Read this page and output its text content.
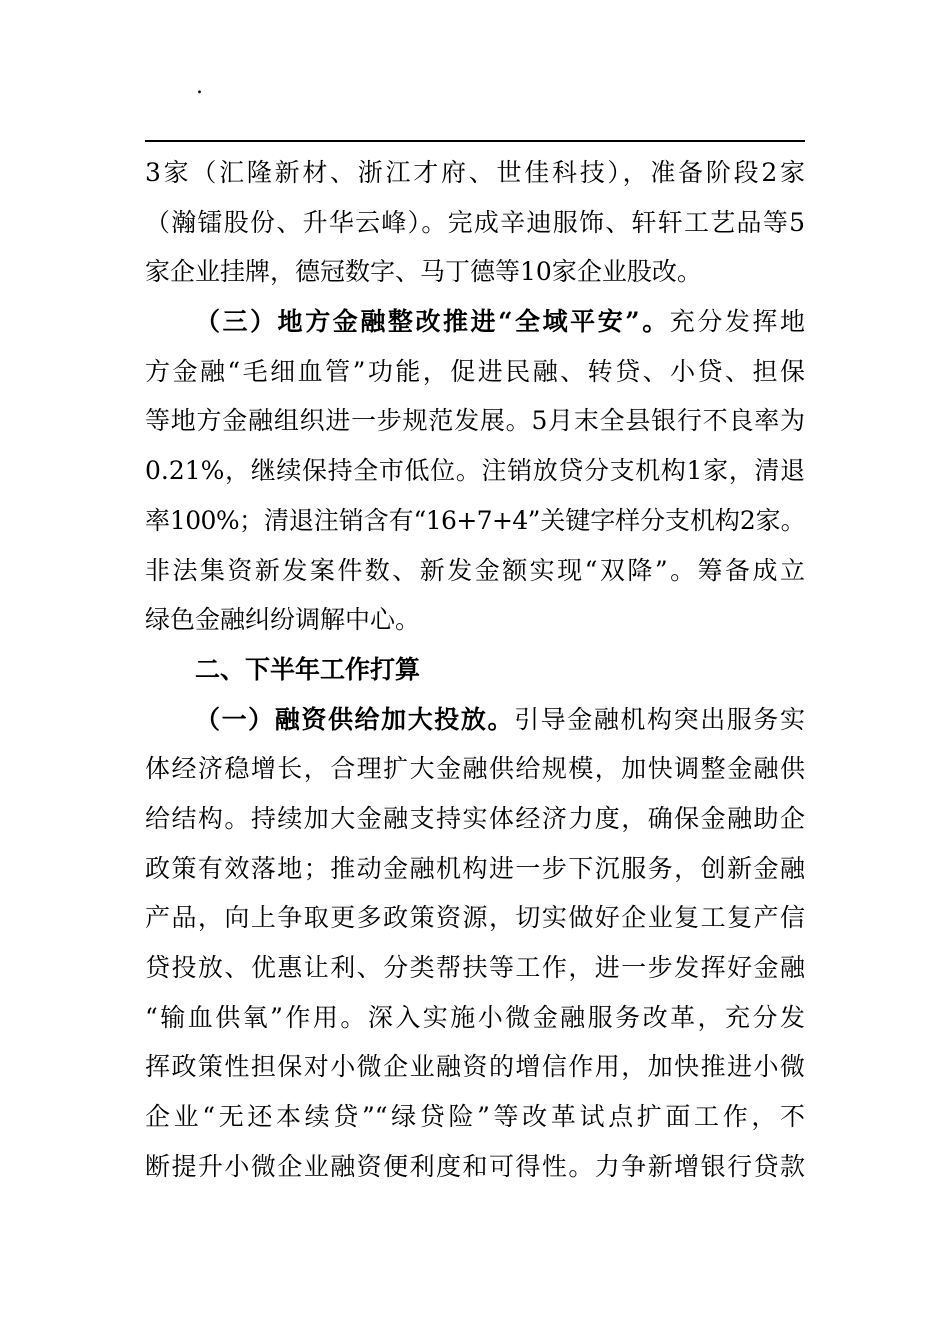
.
3家（汇隆新材、浙江才府、世佳科技），准备阶段2家
（瀚镭股份、升华云峰）。完成辛迪服饰、轩轩工艺品等5
家企业挂牌，德冠数字、马丁德等10家企业股改。
（三）地方金融整改推进“全域平安”。充分发挥地
方金融“毛细血管”功能，促进民融、转贷、小贷、担保
等地方金融组织进一步规范发展。5月末全县银行不良率为
0.21%，继续保持全市低位。注销放贷分支机构1家，清退
率100%；清退注销含有“16+7+4”关键字样分支机构2家。
非法集资新发案件数、新发金额实现“双降”。筹备成立
绿色金融纠纷调解中心。
二、下半年工作打算
（一）融资供给加大投放。引导金融机构突出服务实
体经济稳增长，合理扩大金融供给规模，加快调整金融供
给结构。持续加大金融支持实体经济力度，确保金融助企
政策有效落地；推动金融机构进一步下沉服务，创新金融
产品，向上争取更多政策资源，切实做好企业复工复产信
贷投放、优惠让利、分类帮扶等工作，进一步发挥好金融
“输血供氧”作用。深入实施小微金融服务改革，充分发
挥政策性担保对小微企业融资的增信作用，加快推进小微
企业“无还本续贷”“绿贷险”等改革试点扩面工作，不
断提升小微企业融资便利度和可得性。力争新增银行贷款
